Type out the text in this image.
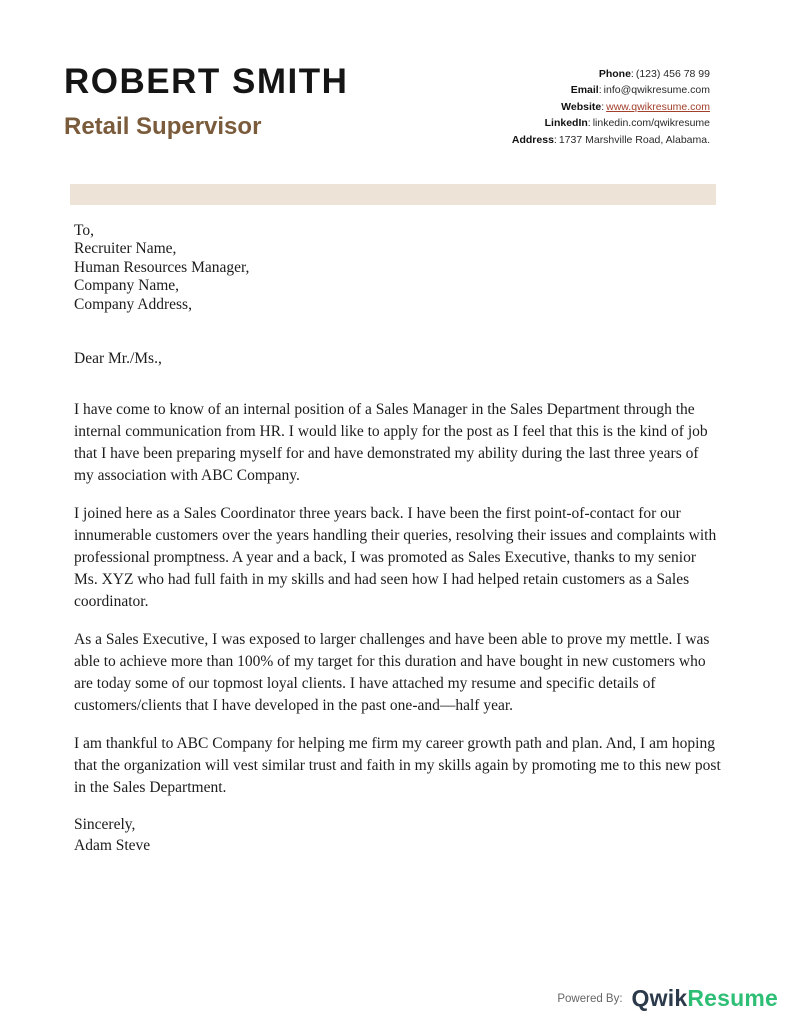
ROBERT SMITH
Retail Supervisor
Phone: (123) 456 78 99
Email: info@qwikresume.com
Website: www.qwikresume.com
LinkedIn: linkedin.com/qwikresume
Address: 1737 Marshville Road, Alabama.
To,
Recruiter Name,
Human Resources Manager,
Company Name,
Company Address,
Dear Mr./Ms.,

I have come to know of an internal position of a Sales Manager in the Sales Department through the internal communication from HR. I would like to apply for the post as I feel that this is the kind of job that I have been preparing myself for and have demonstrated my ability during the last three years of my association with ABC Company.

I joined here as a Sales Coordinator three years back. I have been the first point-of-contact for our innumerable customers over the years handling their queries, resolving their issues and complaints with professional promptness. A year and a back, I was promoted as Sales Executive, thanks to my senior Ms. XYZ who had full faith in my skills and had seen how I had helped retain customers as a Sales coordinator.

As a Sales Executive, I was exposed to larger challenges and have been able to prove my mettle. I was able to achieve more than 100% of my target for this duration and have bought in new customers who are today some of our topmost loyal clients. I have attached my resume and specific details of customers/clients that I have developed in the past one-and—half year.

I am thankful to ABC Company for helping me firm my career growth path and plan. And, I am hoping that the organization will vest similar trust and faith in my skills again by promoting me to this new post in the Sales Department.

Sincerely,
Adam Steve
Powered By: QwikResume
